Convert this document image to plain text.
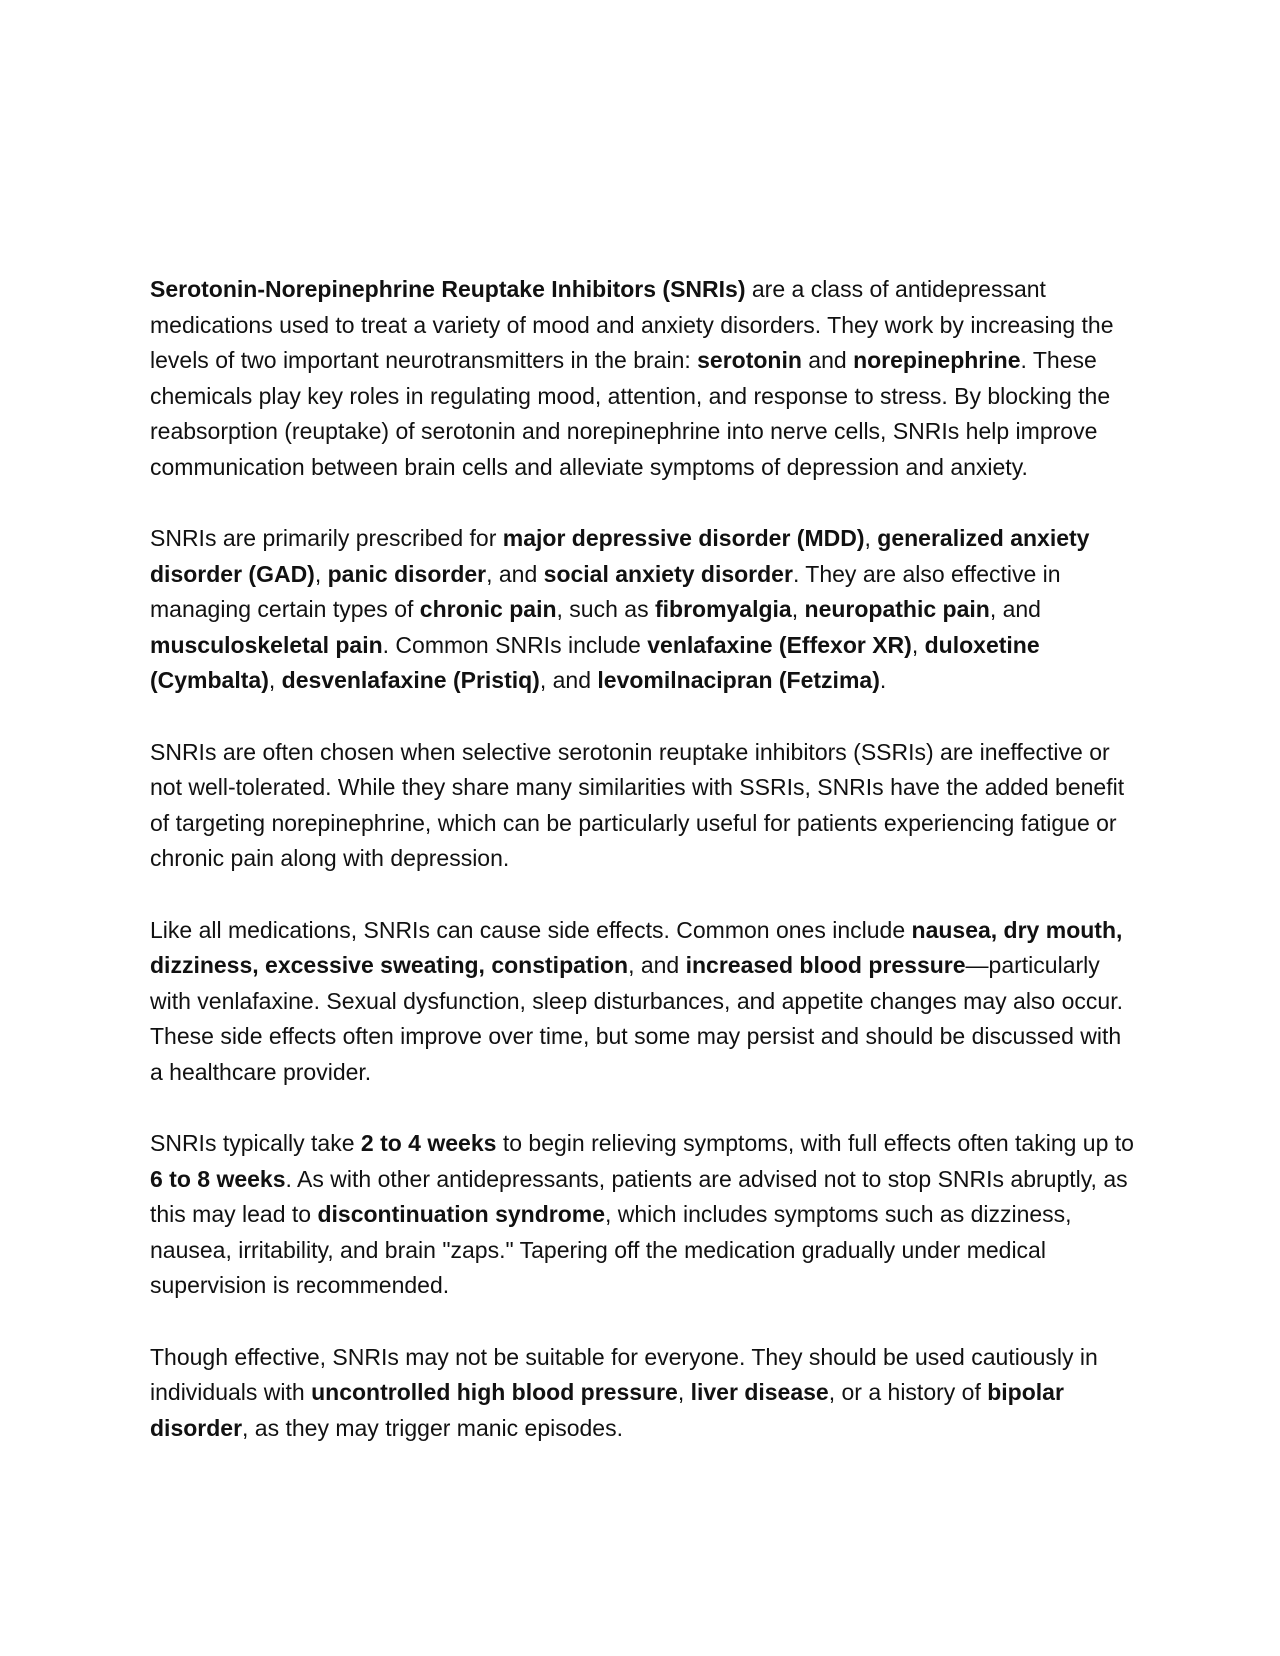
Serotonin-Norepinephrine Reuptake Inhibitors (SNRIs) are a class of antidepressant medications used to treat a variety of mood and anxiety disorders. They work by increasing the levels of two important neurotransmitters in the brain: serotonin and norepinephrine. These chemicals play key roles in regulating mood, attention, and response to stress. By blocking the reabsorption (reuptake) of serotonin and norepinephrine into nerve cells, SNRIs help improve communication between brain cells and alleviate symptoms of depression and anxiety.

SNRIs are primarily prescribed for major depressive disorder (MDD), generalized anxiety disorder (GAD), panic disorder, and social anxiety disorder. They are also effective in managing certain types of chronic pain, such as fibromyalgia, neuropathic pain, and musculoskeletal pain. Common SNRIs include venlafaxine (Effexor XR), duloxetine (Cymbalta), desvenlafaxine (Pristiq), and levomilnacipran (Fetzima).

SNRIs are often chosen when selective serotonin reuptake inhibitors (SSRIs) are ineffective or not well-tolerated. While they share many similarities with SSRIs, SNRIs have the added benefit of targeting norepinephrine, which can be particularly useful for patients experiencing fatigue or chronic pain along with depression.

Like all medications, SNRIs can cause side effects. Common ones include nausea, dry mouth, dizziness, excessive sweating, constipation, and increased blood pressure—particularly with venlafaxine. Sexual dysfunction, sleep disturbances, and appetite changes may also occur. These side effects often improve over time, but some may persist and should be discussed with a healthcare provider.

SNRIs typically take 2 to 4 weeks to begin relieving symptoms, with full effects often taking up to 6 to 8 weeks. As with other antidepressants, patients are advised not to stop SNRIs abruptly, as this may lead to discontinuation syndrome, which includes symptoms such as dizziness, nausea, irritability, and brain "zaps." Tapering off the medication gradually under medical supervision is recommended.

Though effective, SNRIs may not be suitable for everyone. They should be used cautiously in individuals with uncontrolled high blood pressure, liver disease, or a history of bipolar disorder, as they may trigger manic episodes.
